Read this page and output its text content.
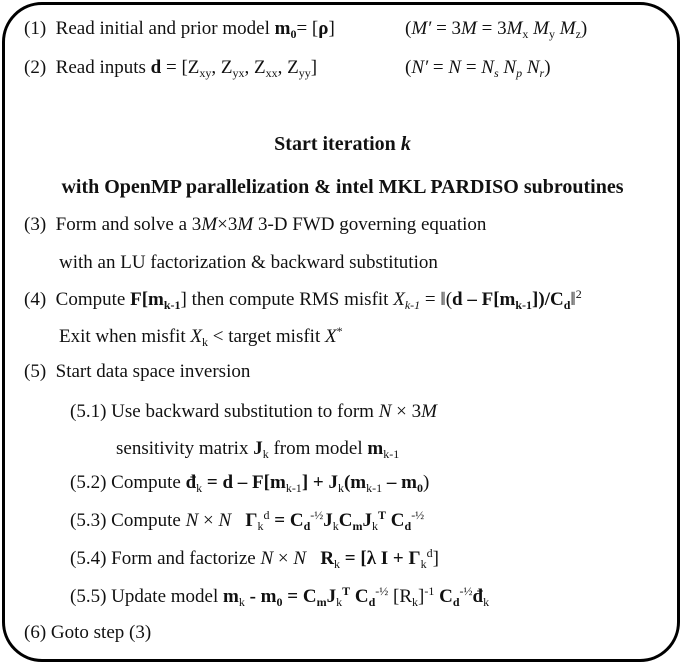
(1) Read initial and prior model $m_0= [\rho]$	($M' = 3M = 3M_x$ $M_y$ $M_z$)
(2) Read inputs $d = [Z_{xy}$, $Z_{yx}$, $Z_{xx}$, $Z_{yy}$]	($N' = N = N_s$ $N_p$ $N_r$)
Start iteration k
with OpenMP parallelization & intel MKL PARDISO subroutines
(3) Form and solve a 3M×3M 3-D FWD governing equation
with an LU factorization & backward substitution
(4) Compute $F[m_{k-1}]$ then compute RMS misfit $X_{k-1}$ = ‖(d – $F[m_{k-1}])/C_d‖^2$
Exit when misfit $X_k$ < target misfit X*
(5) Start data space inversion
(5.1) Use backward substitution to form N × 3M
sensitivity matrix $J_k$ from model $m_{k-1}$
(5.2) Compute $đ_k = d - F[m_{k-1}] + J_k(m_{k-1} - m_0)$
(5.3) Compute N × N $\Gamma_k^d = C_d^{-\frac{1}{2}}J_kC_mJ_k^T$ $C_d^{-\frac{1}{2}}$
(5.4) Form and factorize N × N $R_k = [\lambda$ $I + \Gamma_k^d$]
(5.5) Update model $m_k - m_0 = C_mJ_k^T$ $C_d^{-\frac{1}{2}}$ $[R_k]^{-1}$ $C_d^{-\frac{1}{2}}đ_k$
(6) Goto step (3)
